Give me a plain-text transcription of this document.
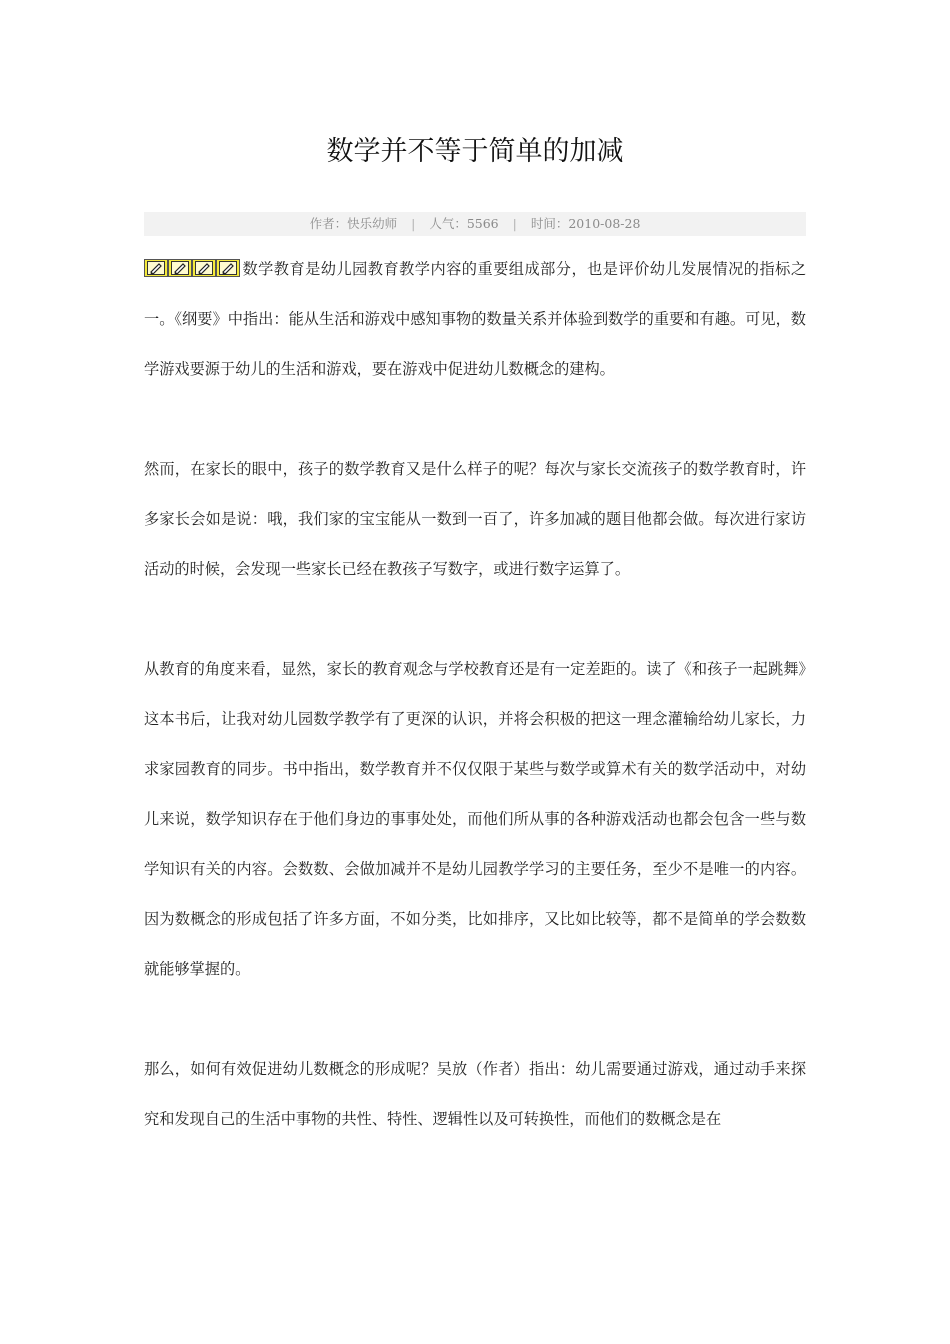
数学并不等于简单的加减
作者：快乐幼师 | 人气：5566 | 时间：2010-08-28

数学教育是幼儿园教育教学内容的重要组成部分，也是评价幼儿发展情况的指标之一。《纲要》中指出：能从生活和游戏中感知事物的数量关系并体验到数学的重要和有趣。可见，数学游戏要源于幼儿的生活和游戏，要在游戏中促进幼儿数概念的建构。

然而，在家长的眼中，孩子的数学教育又是什么样子的呢？每次与家长交流孩子的数学教育时，许多家长会如是说：哦，我们家的宝宝能从一数到一百了，许多加减的题目他都会做。每次进行家访活动的时候，会发现一些家长已经在教孩子写数字，或进行数字运算了。

从教育的角度来看，显然，家长的教育观念与学校教育还是有一定差距的。读了《和孩子一起跳舞》这本书后，让我对幼儿园数学教学有了更深的认识，并将会积极的把这一理念灌输给幼儿家长，力求家园教育的同步。书中指出，数学教育并不仅仅限于某些与数学或算术有关的数学活动中，对幼儿来说，数学知识存在于他们身边的事事处处，而他们所从事的各种游戏活动也都会包含一些与数学知识有关的内容。会数数、会做加减并不是幼儿园教学学习的主要任务，至少不是唯一的内容。因为数概念的形成包括了许多方面，不如分类，比如排序，又比如比较等，都不是简单的学会数数就能够掌握的。

那么，如何有效促进幼儿数概念的形成呢？吴放（作者）指出：幼儿需要通过游戏，通过动手来探究和发现自己的生活中事物的共性、特性、逻辑性以及可转换性，而他们的数概念是在
